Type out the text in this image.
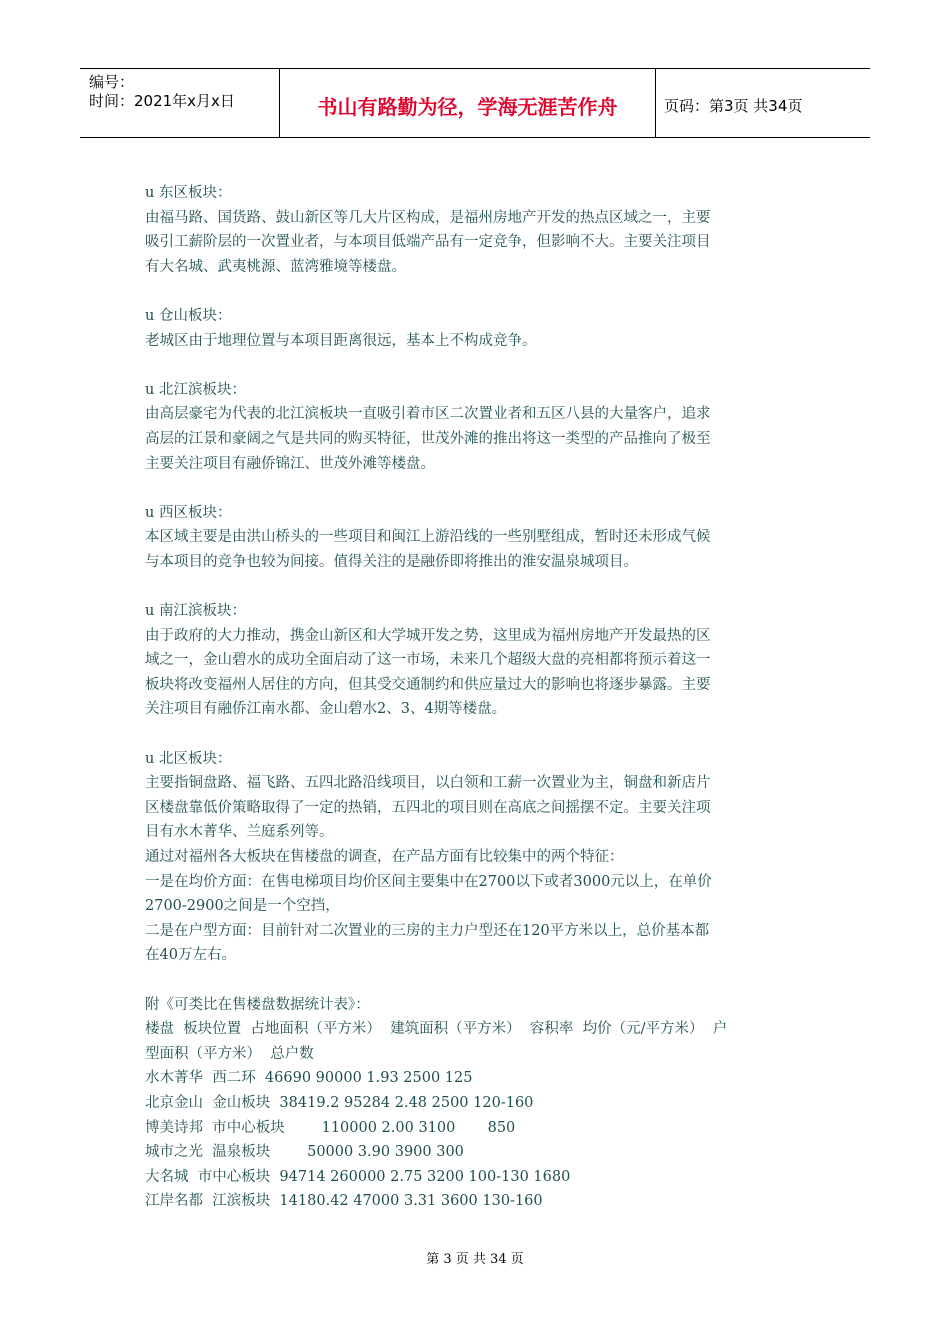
编号：
时间：2021年x月x日	书山有路勤为径，学海无涯苦作舟	页码：第3页 共34页

u 东区板块：

由福马路、国货路、鼓山新区等几大片区构成，是福州房地产开发的热点区域之一，主要

吸引工薪阶层的一次置业者，与本项目低端产品有一定竞争，但影响不大。主要关注项目

有大名城、武夷桃源、蓝湾雅境等楼盘。

u 仓山板块：

老城区由于地理位置与本项目距离很远，基本上不构成竞争。

u 北江滨板块：

由高层豪宅为代表的北江滨板块一直吸引着市区二次置业者和五区八县的大量客户，追求

高层的江景和豪阔之气是共同的购买特征，世茂外滩的推出将这一类型的产品推向了极至

主要关注项目有融侨锦江、世茂外滩等楼盘。

u 西区板块：

本区域主要是由洪山桥头的一些项目和闽江上游沿线的一些别墅组成，暂时还未形成气候

与本项目的竞争也较为间接。值得关注的是融侨即将推出的淮安温泉城项目。

u 南江滨板块：

由于政府的大力推动，携金山新区和大学城开发之势，这里成为福州房地产开发最热的区

域之一，金山碧水的成功全面启动了这一市场，未来几个超级大盘的亮相都将预示着这一

板块将改变福州人居住的方向，但其受交通制约和供应量过大的影响也将逐步暴露。主要

关注项目有融侨江南水都、金山碧水2、3、4期等楼盘。

u 北区板块：

主要指铜盘路、福飞路、五四北路沿线项目，以白领和工薪一次置业为主，铜盘和新店片

区楼盘靠低价策略取得了一定的热销，五四北的项目则在高底之间摇摆不定。主要关注项

目有水木菁华、兰庭系列等。

通过对福州各大板块在售楼盘的调查，在产品方面有比较集中的两个特征：

一是在均价方面：在售电梯项目均价区间主要集中在2700以下或者3000元以上，在单价

2700-2900之间是一个空挡，

二是在户型方面：目前针对二次置业的三房的主力户型还在120平方米以上，总价基本都

在40万左右。

附《可类比在售楼盘数据统计表》：

楼盘  板块位置  占地面积（平方米）  建筑面积（平方米）  容积率  均价（元/平方米）  户

型面积（平方米）  总户数

水木菁华  西二环  46690 90000 1.93 2500 125

北京金山  金山板块  38419.2 95284 2.48 2500 120-160

博美诗邦  市中心板块        110000 2.00 3100       850

城市之光  温泉板块        50000 3.90 3900 300

大名城  市中心板块  94714 260000 2.75 3200 100-130 1680

江岸名都  江滨板块  14180.42 47000 3.31 3600 130-160

第 3 页 共 34 页
